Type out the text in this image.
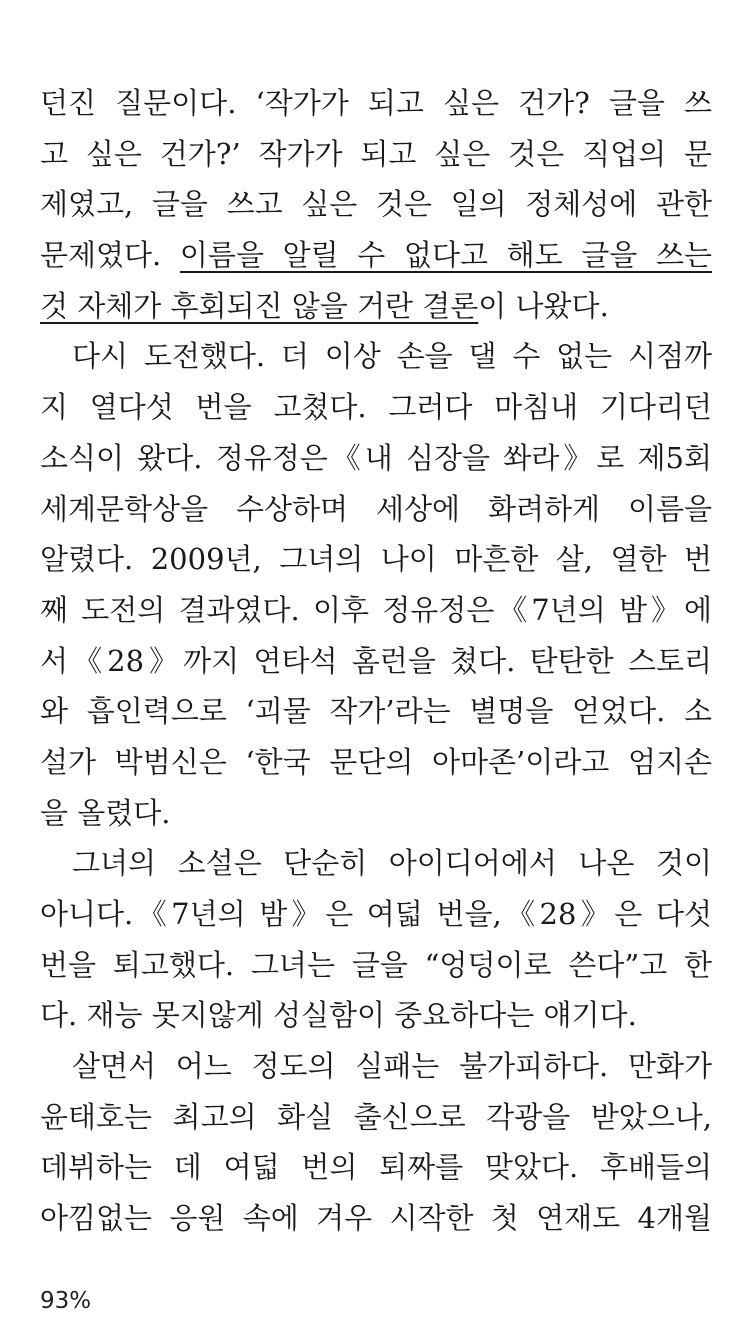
던진 질문이다. ‘작가가 되고 싶은 건가? 글을 쓰
고 싶은 건가?’ 작가가 되고 싶은 것은 직업의 문
제였고, 글을 쓰고 싶은 것은 일의 정체성에 관한
문제였다. 이름을 알릴 수 없다고 해도 글을 쓰는
것 자체가 후회되진 않을 거란 결론이 나왔다.
다시 도전했다. 더 이상 손을 댈 수 없는 시점까
지 열다섯 번을 고쳤다. 그러다 마침내 기다리던
소식이 왔다. 정유정은《내 심장을 쏴라》로 제5회
세계문학상을 수상하며 세상에 화려하게 이름을
알렸다. 2009년, 그녀의 나이 마흔한 살, 열한 번
째 도전의 결과였다. 이후 정유정은《7년의 밤》에
서《28》까지 연타석 홈런을 쳤다. 탄탄한 스토리
와 흡인력으로 ‘괴물 작가’라는 별명을 얻었다. 소
설가 박범신은 ‘한국 문단의 아마존’이라고 엄지손
을 올렸다.
그녀의 소설은 단순히 아이디어에서 나온 것이
아니다.《7년의 밤》은 여덟 번을,《28》은 다섯
번을 퇴고했다. 그녀는 글을 “엉덩이로 쓴다”고 한
다. 재능 못지않게 성실함이 중요하다는 얘기다.
살면서 어느 정도의 실패는 불가피하다. 만화가
윤태호는 최고의 화실 출신으로 각광을 받았으나,
데뷔하는 데 여덟 번의 퇴짜를 맞았다. 후배들의
아낌없는 응원 속에 겨우 시작한 첫 연재도 4개월
93%
